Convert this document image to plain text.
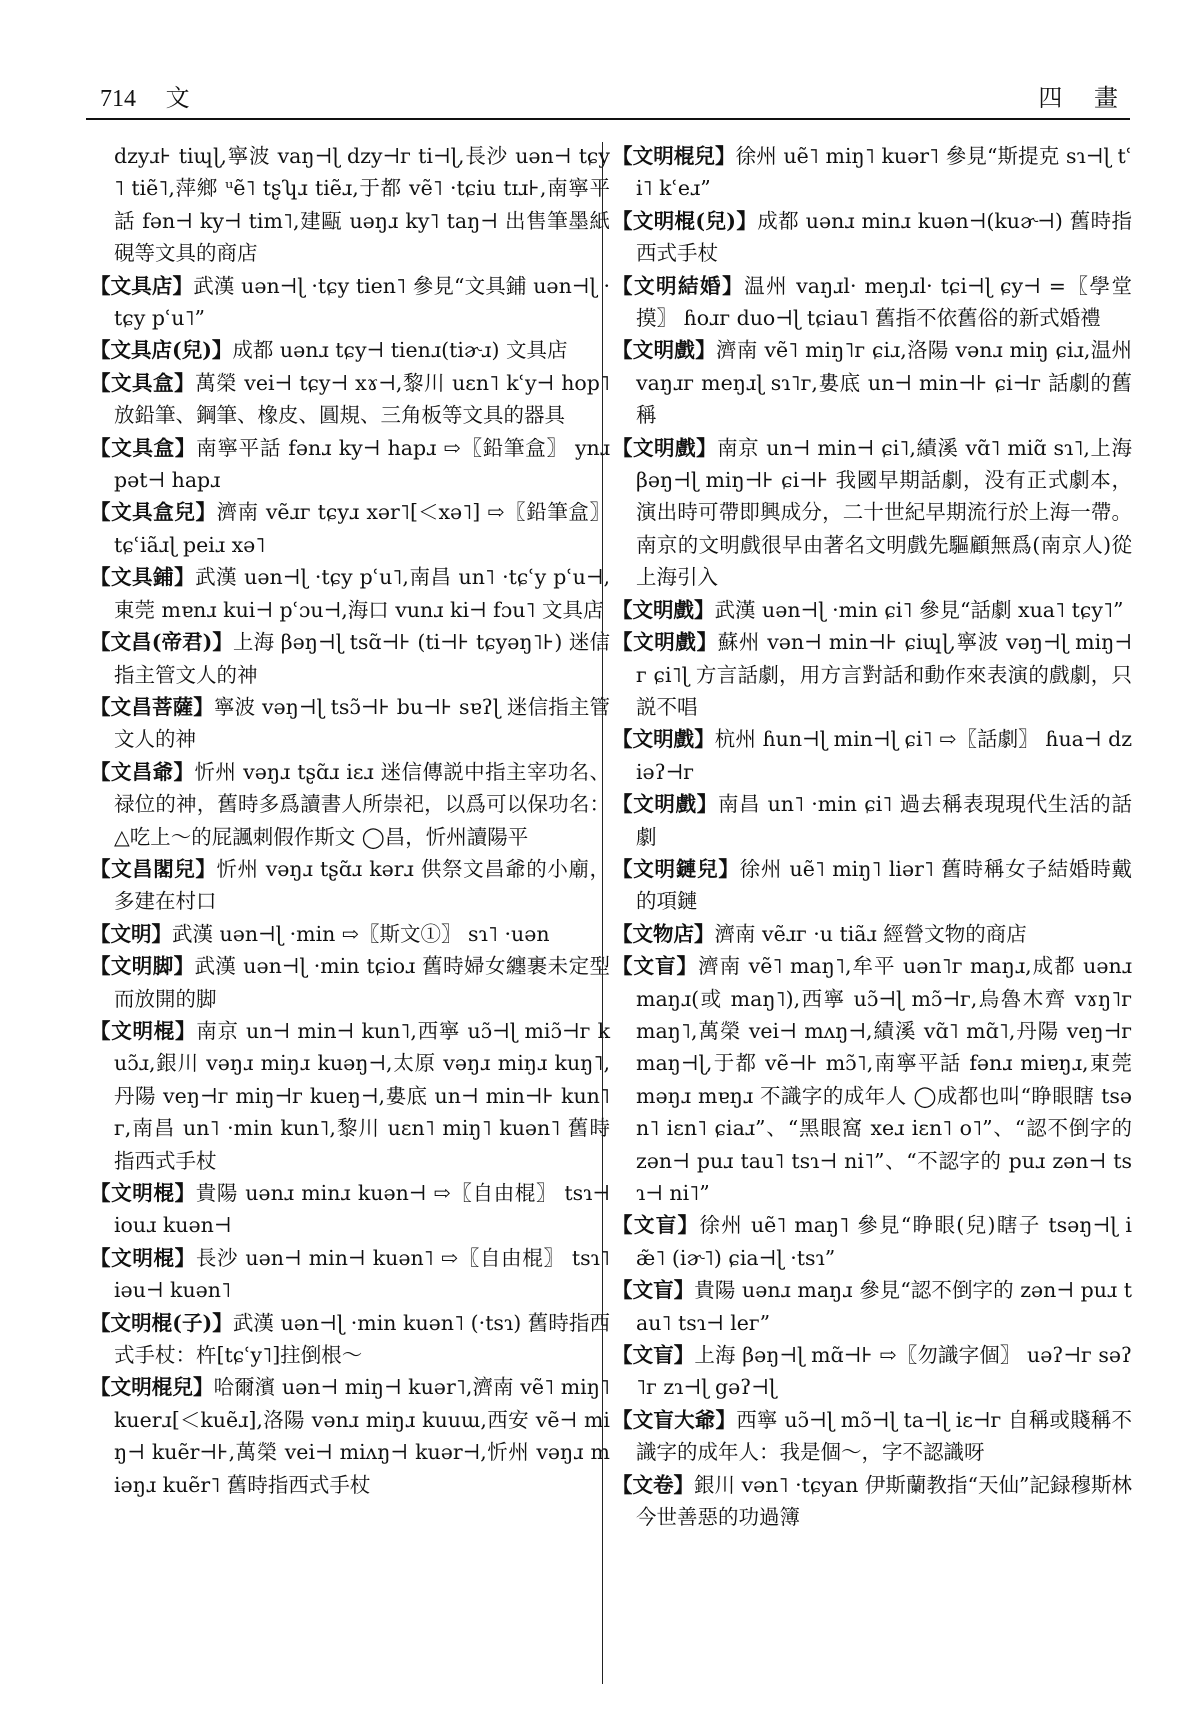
714 文	四 畫
dzyɹ⊦ tiɰɭ,寧波 vaŋ⊣ɭ dzy⊣ᴦ ti⊣ɭ,長沙 uən⊣ tɕy˥ tiẽ˥,萍鄉 ᵘẽ˥ tʂʮɹ tiẽɹ,于都 vẽ˥ ·tɕiu tɪɹ⊦,南寧平話 fən⊣ ky⊣ tim˥,建甌 uəŋɹ ky˥ taŋ⊣ 出售筆墨紙硯等文具的商店
【文具店】武漢 uən⊣ɭ ·tɕy tien˥ 參見“文具鋪 uən⊣ɭ ·tɕy pʿu˥”
【文具店(兒)】成都 uənɹ tɕy⊣ tienɹ(tiɚɹ) 文具店
【文具盒】萬榮 vei⊣ tɕy⊣ xɤ⊣,黎川 uɛn˥ kʿy⊣ hop˥ 放鉛筆、鋼筆、橡皮、圓規、三角板等文具的器具
【文具盒】南寧平話 fənɹ ky⊣ hapɹ ⇨〖鉛筆盒〗 ynɹ pət⊣ hapɹ
【文具盒兒】濟南 vẽɹᴦ tɕyɹ xər˥[＜xə˥] ⇨〖鉛筆盒〗 tɕʿiãɹɭ peiɹ xə˥
【文具鋪】武漢 uən⊣ɭ ·tɕy pʿu˥,南昌 un˥ ·tɕʿy pʿu⊣,東莞 mɐnɹ kui⊣ pʿɔu⊣,海口 vunɹ ki⊣ fɔu˥ 文具店
【文昌(帝君)】上海 βəŋ⊣ɭ tsɑ̃⊣⊦ (ti⊣⊦ tɕyəŋ˥⊦) 迷信指主管文人的神
【文昌菩薩】寧波 vəŋ⊣ɭ tsɔ̃⊣⊦ bu⊣⊦ sɐʔɭ 迷信指主管文人的神
【文昌爺】忻州 vəŋɹ tʂɑ̃ɹ iɛɹ 迷信傳説中指主宰功名、禄位的神，舊時多爲讀書人所崇祀，以爲可以保功名：△吃上～的屁諷刺假作斯文 ◯昌，忻州讀陽平
【文昌閣兒】忻州 vəŋɹ tʂɑ̃ɹ kərɹ 供祭文昌爺的小廟，多建在村口
【文明】武漢 uən⊣ɭ ·min ⇨〖斯文①〗 sɿ˥ ·uən
【文明脚】武漢 uən⊣ɭ ·min tɕioɹ 舊時婦女纏裹未定型而放開的脚
【文明棍】南京 un⊣ min⊣ kun˥,西寧 uɔ̃⊣ɭ miɔ̃⊣ᴦ kuɔ̃ɹ,銀川 vəŋɹ miŋɹ kuəŋ⊣,太原 vəŋɹ miŋɹ kuŋ˥,丹陽 veŋ⊣ᴦ miŋ⊣ᴦ kueŋ⊣,婁底 un⊣ min⊣⊦ kun˥ᴦ,南昌 un˥ ·min kun˥,黎川 uɛn˥ miŋ˥ kuən˥ 舊時指西式手杖
【文明棍】貴陽 uənɹ minɹ kuən⊣ ⇨〖自由棍〗 tsɿ⊣ iouɹ kuən⊣
【文明棍】長沙 uən⊣ min⊣ kuən˥ ⇨〖自由棍〗 tsɿ˥ iəu⊣ kuən˥
【文明棍(子)】武漢 uən⊣ɭ ·min kuən˥ (·tsɿ) 舊時指西式手杖：杵[tɕʿy˥]拄倒根～
【文明棍兒】哈爾濱 uən⊣ miŋ⊣ kuər˥,濟南 vẽ˥ miŋ˥ kuerɹ[＜kuẽɹ],洛陽 vənɹ miŋɹ kuuɯ,西安 vẽ⊣ miŋ⊣ kuẽr⊣⊦,萬榮 vei⊣ miʌŋ⊣ kuər⊣,忻州 vəŋɹ miəŋɹ kuẽr˥ 舊時指西式手杖
【文明棍兒】徐州 uẽ˥ miŋ˥ kuər˥ 參見“斯提克 sɿ⊣ɭ tʿi˥ kʿeɹ”
【文明棍(兒)】成都 uənɹ minɹ kuən⊣(kuɚ⊣) 舊時指西式手杖
【文明結婚】温州 vaŋɹl· meŋɹl· tɕi⊣ɭ ɕy⊣ =〖學堂摸〗 ɦoɹᴦ duo⊣ɭ tɕiau˥ 舊指不依舊俗的新式婚禮
【文明戲】濟南 vẽ˥ miŋ˥ᴦ ɕiɹ,洛陽 vənɹ miŋ ɕiɹ,温州 vaŋɹᴦ meŋɹɭ sɿ˥ᴦ,婁底 un⊣ min⊣⊦ ɕi⊣ᴦ 話劇的舊稱
【文明戲】南京 un⊣ min⊣ ɕi˥,績溪 vɑ̃˥ miɑ̃ sɿ˥,上海 βəŋ⊣ɭ miŋ⊣⊦ ɕi⊣⊦ 我國早期話劇，没有正式劇本，演出時可帶即興成分，二十世紀早期流行於上海一帶。南京的文明戲很早由著名文明戲先驅顧無爲(南京人)從上海引入
【文明戲】武漢 uən⊣ɭ ·min ɕi˥ 參見“話劇 xua˥ tɕy˥”
【文明戲】蘇州 vən⊣ min⊣⊦ ɕiɰɭ,寧波 vəŋ⊣ɭ miŋ⊣ᴦ ɕi˥ɭ 方言話劇，用方言對話和動作來表演的戲劇，只説不唱
【文明戲】杭州 ɦun⊣ɭ min⊣ɭ ɕi˥ ⇨〖話劇〗 ɦua⊣ dziəʔ⊣ᴦ
【文明戲】南昌 un˥ ·min ɕi˥ 過去稱表現現代生活的話劇
【文明鏈兒】徐州 uẽ˥ miŋ˥ liər˥ 舊時稱女子結婚時戴的項鏈
【文物店】濟南 vẽɹᴦ ·u tiãɹ 經營文物的商店
【文盲】濟南 vẽ˥ maŋ˥,牟平 uən˥ᴦ maŋɹ,成都 uənɹ maŋɹ(或 maŋ˥),西寧 uɔ̃⊣ɭ mɔ̃⊣ᴦ,烏魯木齊 vɤŋ˥ᴦ maŋ˥,萬榮 vei⊣ mʌŋ⊣,績溪 vɑ̃˥ mɑ̃˥,丹陽 veŋ⊣ᴦ maŋ⊣ɭ,于都 vẽ⊣⊦ mɔ̃˥,南寧平話 fənɹ miɐŋɹ,東莞 məŋɹ mɐŋɹ 不識字的成年人 ◯成都也叫“睁眼瞎 tsən˥ iɛn˥ ɕiaɹ”、“黑眼窩 xeɹ iɛn˥ o˥”、“認不倒字的 zən⊣ puɹ tau˥ tsɿ⊣ ni˥”、“不認字的 puɹ zən⊣ tsɿ⊣ ni˥”
【文盲】徐州 uẽ˥ maŋ˥ 參見“睁眼(兒)瞎子 tsəŋ⊣ɭ iæ̃˥ (iɚ˥) ɕia⊣ɭ ·tsɿ”
【文盲】貴陽 uənɹ maŋɹ 參見“認不倒字的 zən⊣ puɹ tau˥ tsɿ⊣ leᴦ”
【文盲】上海 βəŋ⊣ɭ mɑ̃⊣⊦ ⇨〖勿識字個〗 uəʔ⊣ᴦ səʔ˥ᴦ zɿ⊣ɭ gəʔ⊣ɭ
【文盲大爺】西寧 uɔ̃⊣ɭ mɔ̃⊣ɭ ta⊣ɭ iɛ⊣ᴦ 自稱或賤稱不識字的成年人：我是個～，字不認識呀
【文卷】銀川 vən˥ ·tɕyan 伊斯蘭教指“天仙”記録穆斯林今世善惡的功過簿
